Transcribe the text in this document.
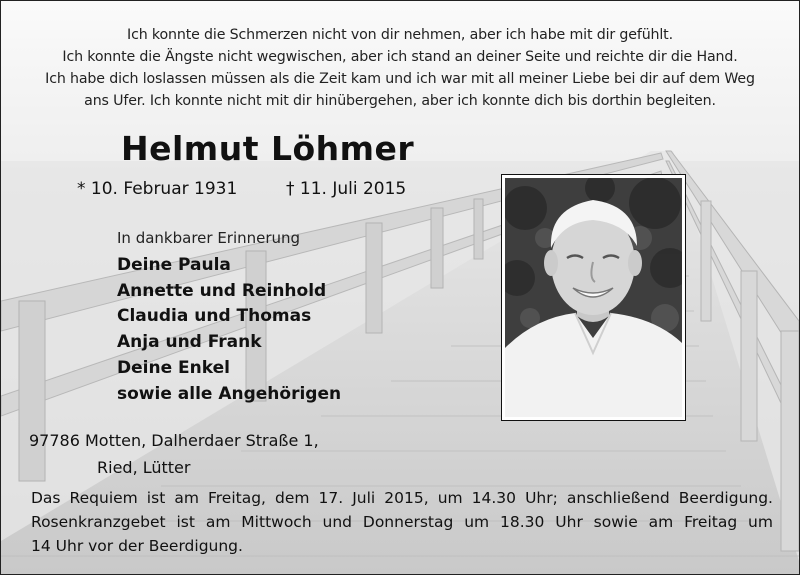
Ich konnte die Schmerzen nicht von dir nehmen, aber ich habe mit dir gefühlt.
Ich konnte die Ängste nicht wegwischen, aber ich stand an deiner Seite und reichte dir die Hand.
Ich habe dich loslassen müssen als die Zeit kam und ich war mit all meiner Liebe bei dir auf dem Weg
ans Ufer. Ich konnte nicht mit dir hinübergehen, aber ich konnte dich bis dorthin begleiten.
Helmut Löhmer
* 10. Februar 1931	† 11. Juli 2015
In dankbarer Erinnerung
Deine Paula
Annette und Reinhold
Claudia und Thomas
Anja und Frank
Deine Enkel
sowie alle Angehörigen
97786 Motten, Dalherdaer Straße 1,
Ried, Lütter
Das Requiem ist am Freitag, dem 17. Juli 2015, um 14.30 Uhr; anschließend Beerdigung.
Rosenkranzgebet ist am Mittwoch und Donnerstag um 18.30 Uhr sowie am Freitag um
14 Uhr vor der Beerdigung.
